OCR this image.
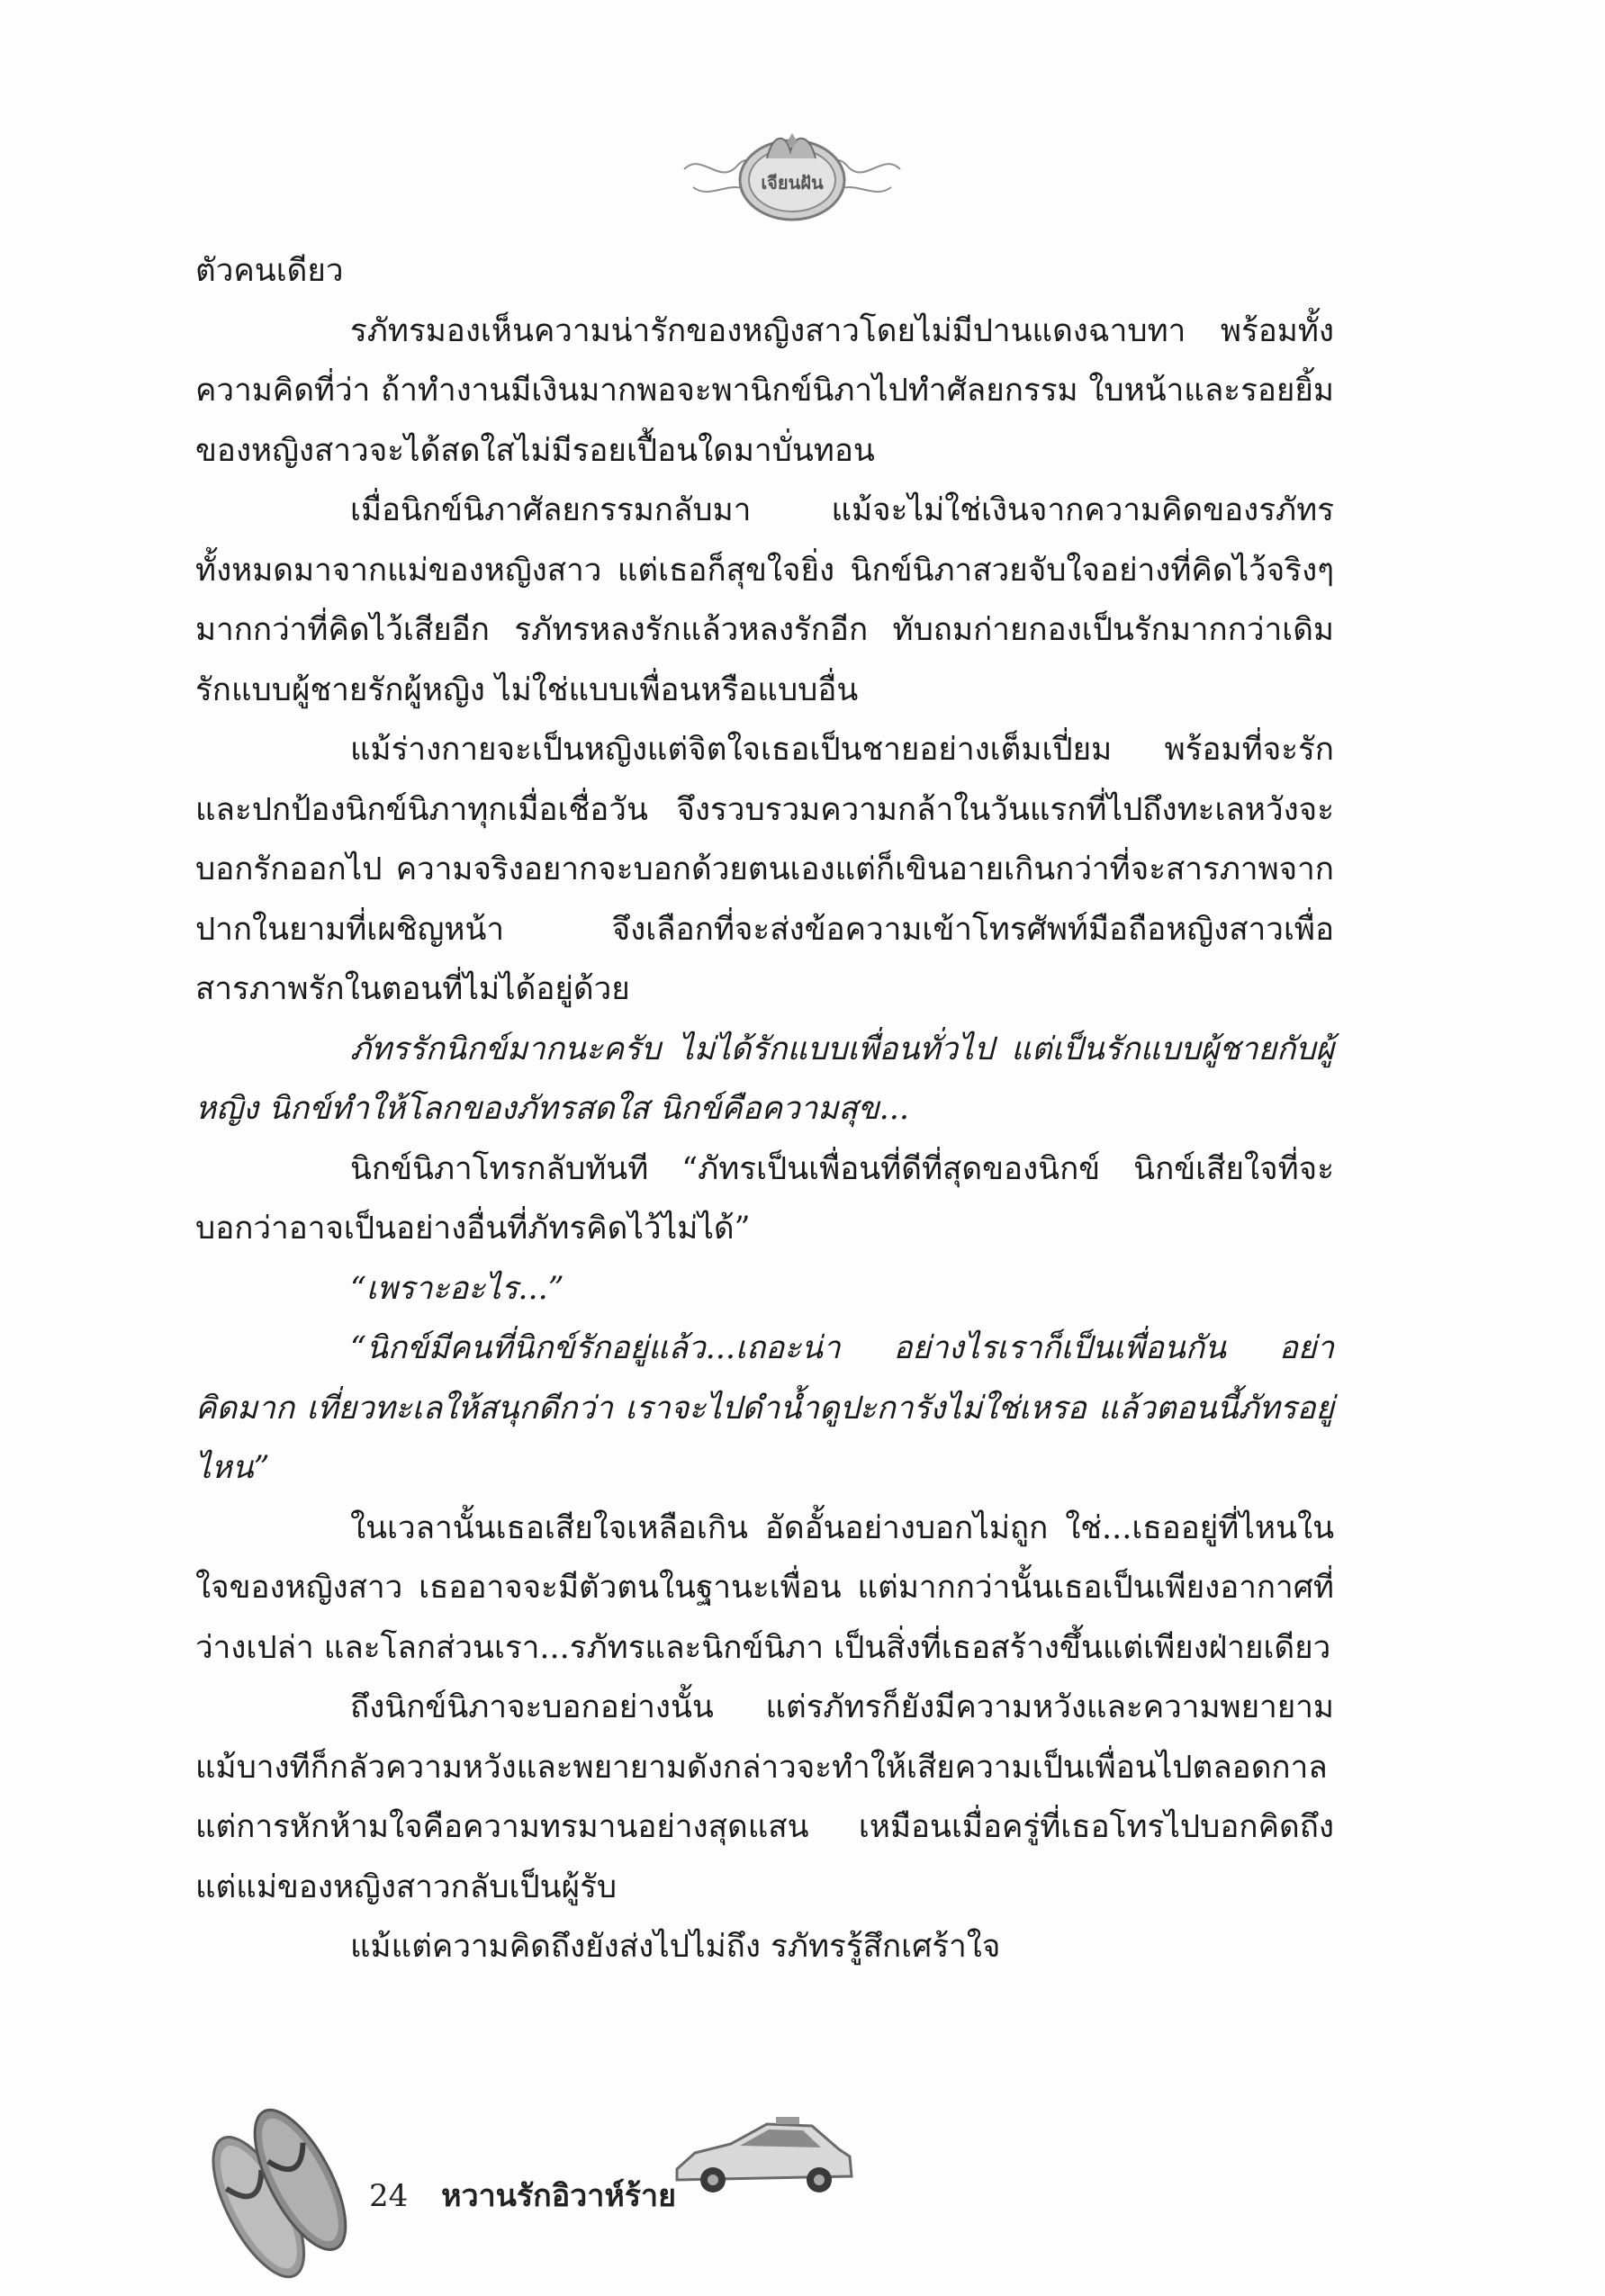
เจียนฝัน

ตัวคนเดียว

รภัทรมองเห็นความน่ารักของหญิงสาวโดยไม่มีปานแดงฉาบทา พร้อมทั้งความคิดที่ว่า ถ้าทำงานมีเงินมากพอจะพานิกข์นิภาไปทำศัลยกรรม ใบหน้าและรอยยิ้มของหญิงสาวจะได้สดใสไม่มีรอยเปื้อนใดมาบั่นทอน

เมื่อนิกข์นิภาศัลยกรรมกลับมา แม้จะไม่ใช่เงินจากความคิดของรภัทรทั้งหมดมาจากแม่ของหญิงสาว แต่เธอก็สุขใจยิ่ง นิกข์นิภาสวยจับใจอย่างที่คิดไว้จริงๆ มากกว่าที่คิดไว้เสียอีก รภัทรหลงรักแล้วหลงรักอีก ทับถมก่ายกองเป็นรักมากกว่าเดิม รักแบบผู้ชายรักผู้หญิง ไม่ใช่แบบเพื่อนหรือแบบอื่น

แม้ร่างกายจะเป็นหญิงแต่จิตใจเธอเป็นชายอย่างเต็มเปี่ยม พร้อมที่จะรักและปกป้องนิกข์นิภาทุกเมื่อเชื่อวัน จึงรวบรวมความกล้าในวันแรกที่ไปถึงทะเลหวังจะบอกรักออกไป ความจริงอยากจะบอกด้วยตนเองแต่ก็เขินอายเกินกว่าที่จะสารภาพจากปากในยามที่เผชิญหน้า จึงเลือกที่จะส่งข้อความเข้าโทรศัพท์มือถือหญิงสาวเพื่อสารภาพรักในตอนที่ไม่ได้อยู่ด้วย

ภัทรรักนิกข์มากนะครับ ไม่ได้รักแบบเพื่อนทั่วไป แต่เป็นรักแบบผู้ชายกับผู้หญิง นิกข์ทำให้โลกของภัทรสดใส นิกข์คือความสุข...

นิกข์นิภาโทรกลับทันที “ภัทรเป็นเพื่อนที่ดีที่สุดของนิกข์ นิกข์เสียใจที่จะบอกว่าอาจเป็นอย่างอื่นที่ภัทรคิดไว้ไม่ได้”

“เพราะอะไร...”

“นิกข์มีคนที่นิกข์รักอยู่แล้ว...เถอะน่า อย่างไรเราก็เป็นเพื่อนกัน อย่าคิดมาก เที่ยวทะเลให้สนุกดีกว่า เราจะไปดำน้ำดูปะการังไม่ใช่เหรอ แล้วตอนนี้ภัทรอยู่ไหน”

ในเวลานั้นเธอเสียใจเหลือเกิน อัดอั้นอย่างบอกไม่ถูก ใช่...เธออยู่ที่ไหนในใจของหญิงสาว เธออาจจะมีตัวตนในฐานะเพื่อน แต่มากกว่านั้นเธอเป็นเพียงอากาศที่ว่างเปล่า และโลกส่วนเรา...รภัทรและนิกข์นิภา เป็นสิ่งที่เธอสร้างขึ้นแต่เพียงฝ่ายเดียว

ถึงนิกข์นิภาจะบอกอย่างนั้น แต่รภัทรก็ยังมีความหวังและความพยายาม แม้บางทีก็กลัวความหวังและพยายามดังกล่าวจะทำให้เสียความเป็นเพื่อนไปตลอดกาล แต่การหักห้ามใจคือความทรมานอย่างสุดแสน เหมือนเมื่อครู่ที่เธอโทรไปบอกคิดถึง แต่แม่ของหญิงสาวกลับเป็นผู้รับ

แม้แต่ความคิดถึงยังส่งไปไม่ถึง รภัทรรู้สึกเศร้าใจ

24 หวานรักอิวาห์ร้าย
